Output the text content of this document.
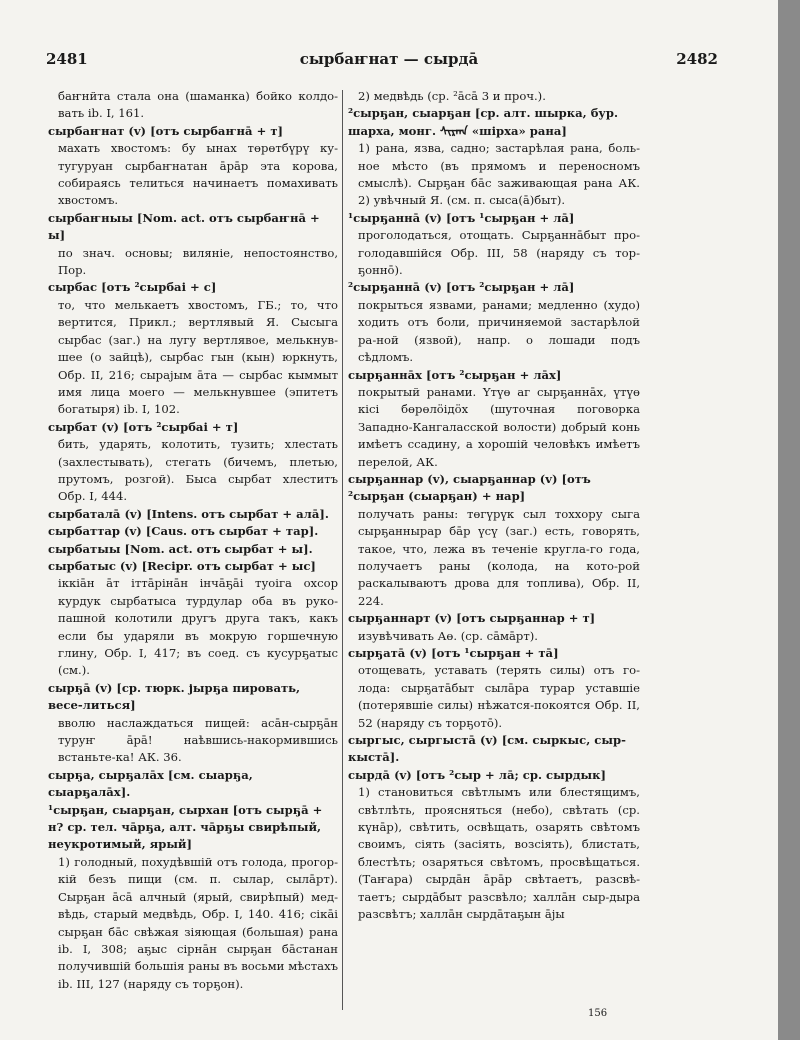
2481	сырбаҥнат — сырдā	2482
баҥнйта стала она (шаманка) бойко колдо-вать ib. I, 161.
сырбаҥнат (v) [отъ сырбаҥнā + т]
махать хвостомъ: бу ынах төрөтбүрү ку-тугуруан сырбаҥнатан āрāр эта корова, собираясь телиться начинаетъ помахивать хвостомъ.
сырбаҥныы [Nom. act. отъ сырбаҥнā + ы]
по знач. основы; вилянiе, непостоянство, Пор.
сырбас [отъ ²сырбаi + с]
то, что мелькаетъ хвостомъ, ГБ.; то, что вертится, Прикл.; вертлявый Я. Сысыга сырбас (заг.) на лугу вертлявое, мелькнув-шее (о зайцѣ), сырбас гын (кын) юркнуть, Обр. II, 216; сырајым āта — сырбас кыммыт имя лица моего — мелькнувшее (эпитетъ богатыря) ib. I, 102.
сырбат (v) [отъ ²сырбаi + т]
бить, ударять, колотить, тузить; хлестать (захлестывать), стегать (бичемъ, плетью, прутомъ, розгой). Быса сырбат хлеститъ Обр. I, 444.
сырбаталā (v) [Intens. отъ сырбат + алā].
сырбаттар (v) [Caus. отъ сырбат + тар].
сырбатыы [Nom. act. отъ сырбат + ы].
сырбатыс (v) [Recipr. отъ сырбат + ыс]
іккiāн āт іттāрiнāн інчāҕāi туоiга охсор курдук сырбатыса турдулар оба въ руко-пашной колотили другъ друга такъ, какъ если бы ударяли въ мокрую горшечную глину, Обр. I, 417; въ соед. съ кусурҕатыс (см.).
сырҕā (v) [ср. тюрк. јырҕа пировать, весе-литься]
вволю наслаждаться пищей: асāн-сырҕāн туруҥ āрā! наѣвшись-накормившись встаньте-ка! АК. 36.
сырҕа, сырҕалāх [см. сыарҕа, сыарҕалāх].
¹сырҕан, сыарҕан, сырхан [отъ сырҕā + н? ср. тел. чāрҕа, алт. чāрҕы свирѣпый, неукротимый, ярый]
1) голодный, похудѣвшiй отъ голода, прогор-кiй безъ пищи (см. п. сылар, сылāрт). Сырҕан āсā алчный (ярый, свирѣпый) мед-вѣдь, старый медвѣдь, Обр. I, 140. 416; сiкāi сырҕан бāс свѣжая зiяющая (большая) рана ib. I, 308; аҕыс сiрнāн сырҕан бāстанан получившiй большiя раны въ восьми мѣстахъ ib. III, 127 (наряду съ торҕон).
2) медвѣдь (ср. ²āсā 3 и проч.).
²сырҕан, сыарҕан [ср. алт. шырка, бур. шарха, монг. ᠰᠢᠷᠬᠠ «шiрха» рана]
1) рана, язва, садно; застарѣлая рана, боль-ное мѣсто (въ прямомъ и переносномъ смыслѣ). Сырҕан бāс заживающая рана АК. 2) увѣчный Я. (см. п. сыса(ā)быт).
¹сырҕаннā (v) [отъ ¹сырҕан + лā]
проголодаться, отощать. Сырҕаннāбыт про-голодавшiйся Обр. III, 58 (наряду съ тор-ҕоннō).
²сырҕаннā (v) [отъ ²сырҕан + лā]
покрыться язвами, ранами; медленно (худо) ходить отъ боли, причиняемой застарѣлой ра-ной (язвой), напр. о лошади подъ сѣдломъ.
сырҕаннāх [отъ ²сырҕан + лāх]
покрытый ранами. Үтүө аг сырҕаннāх, үтүө кiсi бөрөлӧiдӧх (шуточная поговорка Западно-Кангаласской волости) добрый конь имѣетъ ссадину, а хорошiй человѣкъ имѣетъ перелой, АК.
сырҕаннар (v), сыарҕаннар (v) [отъ ²сырҕан (сыарҕан) + нар]
получать раны: төгүрүк сыл тоххору сыга сырҕаннырар бāр үсү (заг.) есть, говорять, такое, что, лежа въ теченiе кругла-го года, получаетъ раны (колода, на кото-рой раскалываютъ дрова для топлива), Обр. II, 224.
сырҕаннарт (v) [отъ сырҕаннар + т]
изувѣчивать Аө. (ср. сāмāрт).
сырҕатā (v) [отъ ¹сырҕан + тā]
отощевать, уставать (терять силы) отъ го-лода: сырҕатāбыт сылāра турар уставшiе (потерявшiе силы) нѣжатся-покоятся Обр. II, 52 (наряду съ торҕотō).
сыргыс, сыргыстā (v) [см. сыркыс, сыр-кыстā].
сырдā (v) [отъ ²сыр + лā; ср. сырдык]
1) становиться свѣтлымъ или блестящимъ, свѣтлѣть, проясняться (небо), свѣтать (ср. күнāр), свѣтить, освѣщать, озарять свѣтомъ своимъ, сiять (засiять, возсiять), блистать, блестѣть; озаряться свѣтомъ, просвѣщаться. (Таҥара) сырдāн āрāр свѣтаетъ, разсвѣ-таетъ; сырдāбыт разсвѣло; халлāн сыр-дыра разсвѣтъ; халлāн сырдāтаҕын ājы
156
